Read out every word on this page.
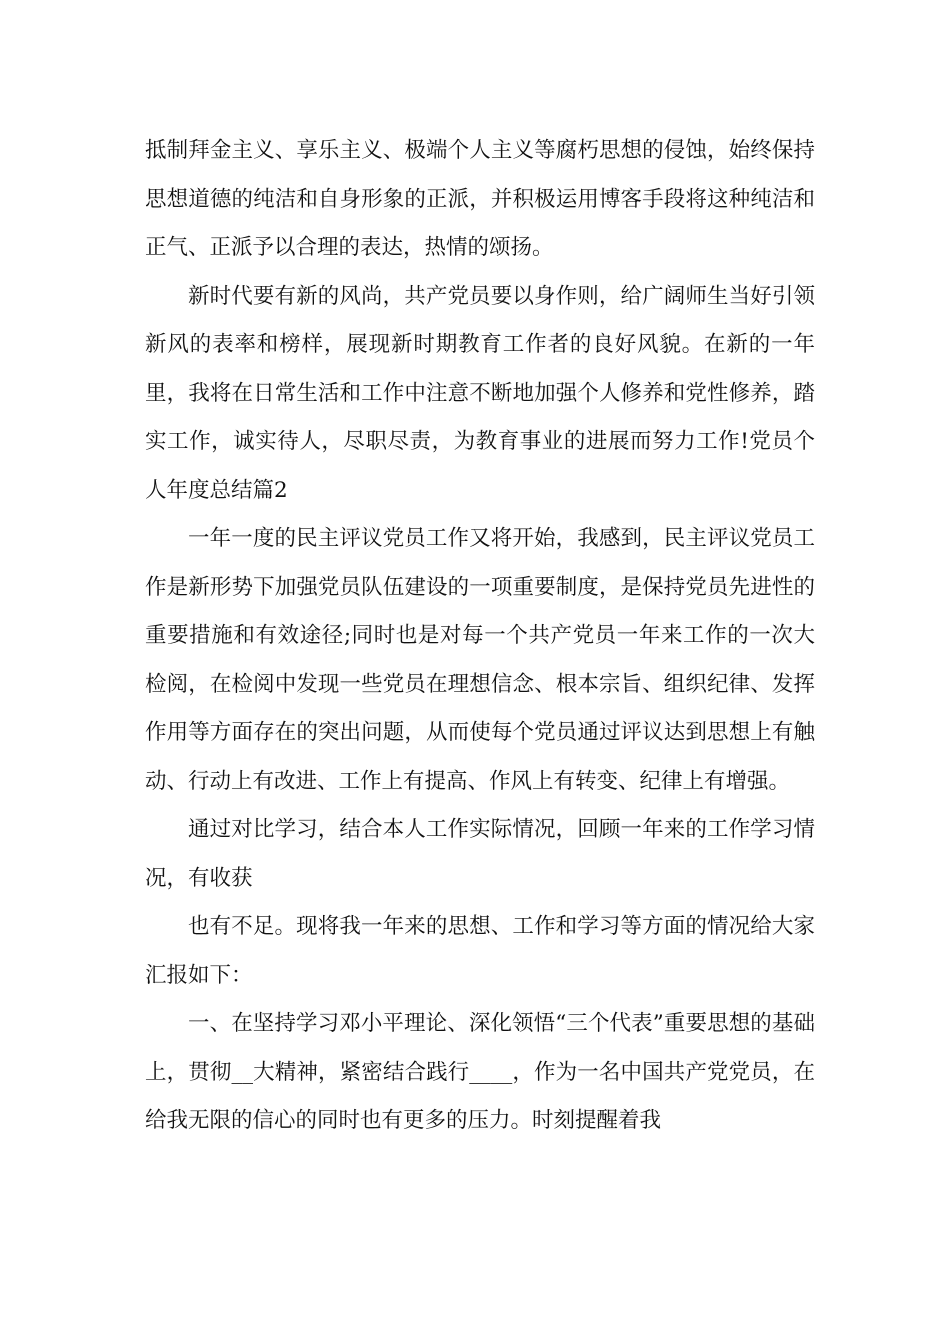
抵制拜金主义、享乐主义、极端个人主义等腐朽思想的侵蚀，始终保持思想道德的纯洁和自身形象的正派，并积极运用博客手段将这种纯洁和正气、正派予以合理的表达，热情的颂扬。

新时代要有新的风尚，共产党员要以身作则，给广阔师生当好引领新风的表率和榜样，展现新时期教育工作者的良好风貌。在新的一年里，我将在日常生活和工作中注意不断地加强个人修养和党性修养，踏实工作，诚实待人，尽职尽责，为教育事业的进展而努力工作!党员个人年度总结篇2

一年一度的民主评议党员工作又将开始，我感到，民主评议党员工作是新形势下加强党员队伍建设的一项重要制度，是保持党员先进性的重要措施和有效途径;同时也是对每一个共产党员一年来工作的一次大检阅，在检阅中发现一些党员在理想信念、根本宗旨、组织纪律、发挥作用等方面存在的突出问题，从而使每个党员通过评议达到思想上有触动、行动上有改进、工作上有提高、作风上有转变、纪律上有增强。

通过对比学习，结合本人工作实际情况，回顾一年来的工作学习情况，有收获

也有不足。现将我一年来的思想、工作和学习等方面的情况给大家汇报如下：

一、在坚持学习邓小平理论、深化领悟“三个代表”重要思想的基础上，贯彻__大精神，紧密结合践行____，作为一名中国共产党党员，在给我无限的信心的同时也有更多的压力。时刻提醒着我
